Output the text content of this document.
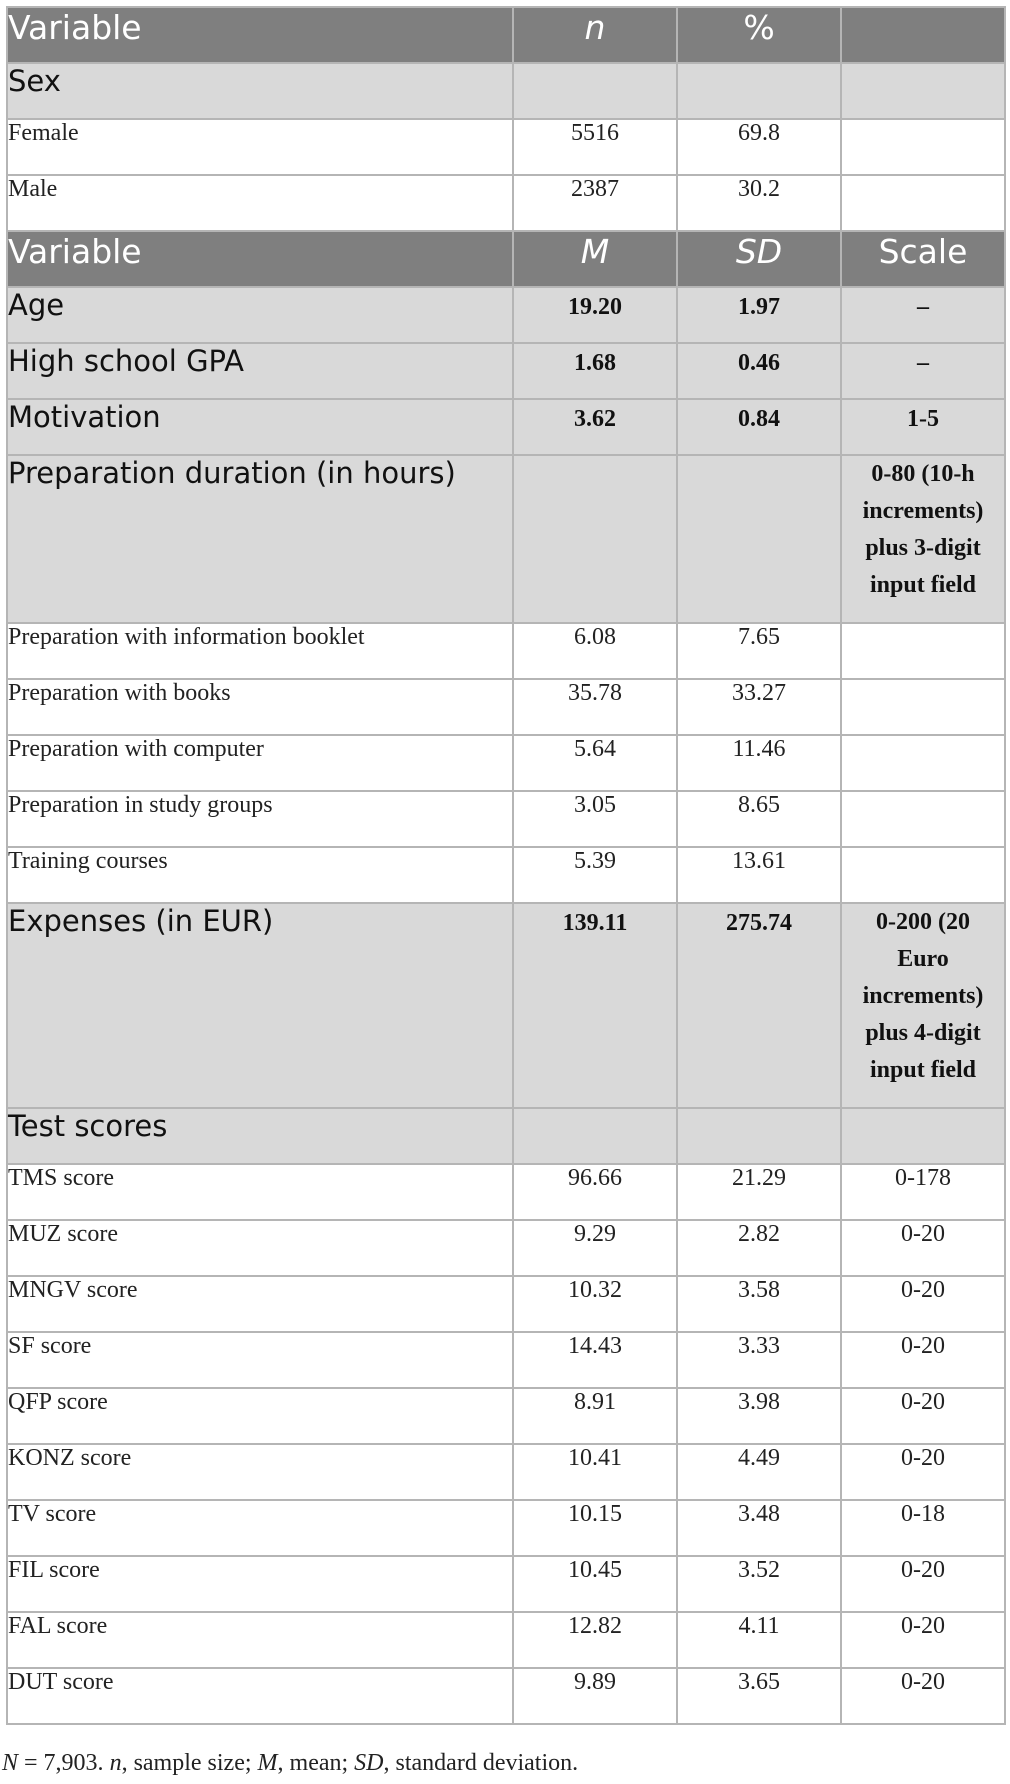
Variable	n	%	
Sex			
Female	5516	69.8	
Male	2387	30.2	
Variable	M	SD	Scale
Age	19.20	1.97	–
High school GPA	1.68	0.46	–
Motivation	3.62	0.84	1-5
Preparation duration (in hours)			0-80 (10-h
increments)
plus 3-digit
input field

Preparation with information booklet	6.08	7.65	
Preparation with books	35.78	33.27	
Preparation with computer	5.64	11.46	
Preparation in study groups	3.05	8.65	
Training courses	5.39	13.61	
Expenses (in EUR)	139.11	275.74	0-200 (20
Euro
increments)
plus 4-digit
input field

Test scores			
TMS score	96.66	21.29	0-178
MUZ score	9.29	2.82	0-20
MNGV score	10.32	3.58	0-20
SF score	14.43	3.33	0-20
QFP score	8.91	3.98	0-20
KONZ score	10.41	4.49	0-20
TV score	10.15	3.48	0-18
FIL score	10.45	3.52	0-20
FAL score	12.82	4.11	0-20
DUT score	9.89	3.65	0-20
N = 7,903. n, sample size; M, mean; SD, standard deviation.
